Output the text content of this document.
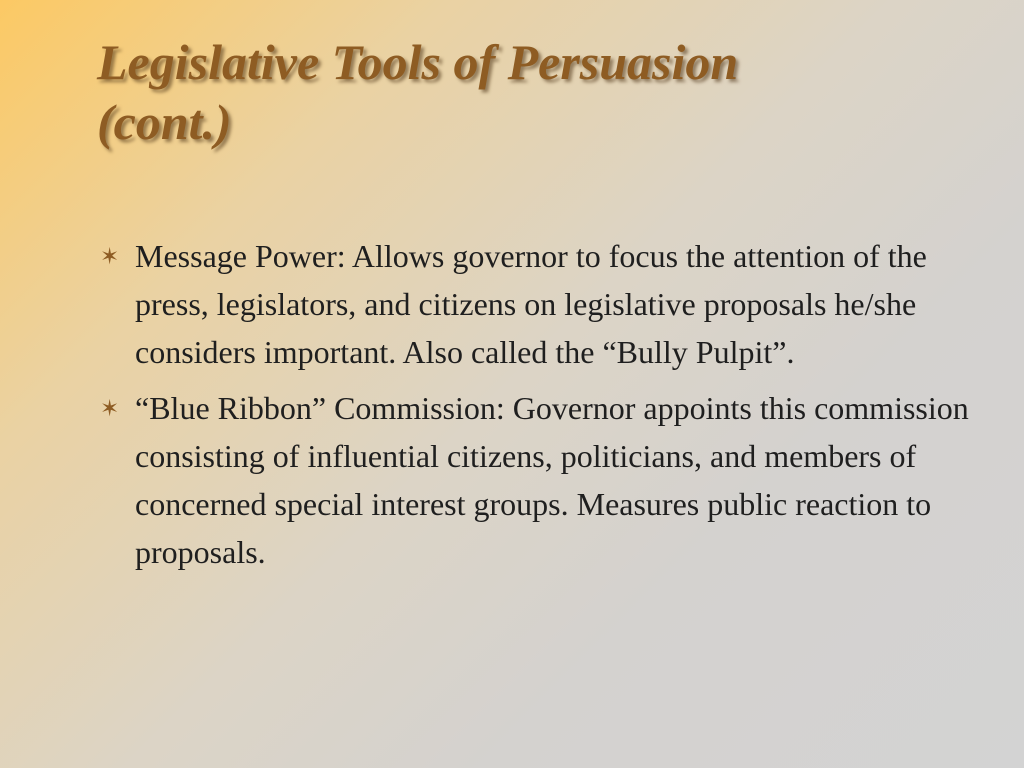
Legislative Tools of Persuasion
(cont.)
✶ Message Power: Allows governor to focus the attention of the press, legislators, and citizens on legislative proposals he/she considers important. Also called the “Bully Pulpit”.
✶ “Blue Ribbon” Commission: Governor appoints this commission consisting of influential citizens, politicians, and members of concerned special interest groups. Measures public reaction to proposals.
